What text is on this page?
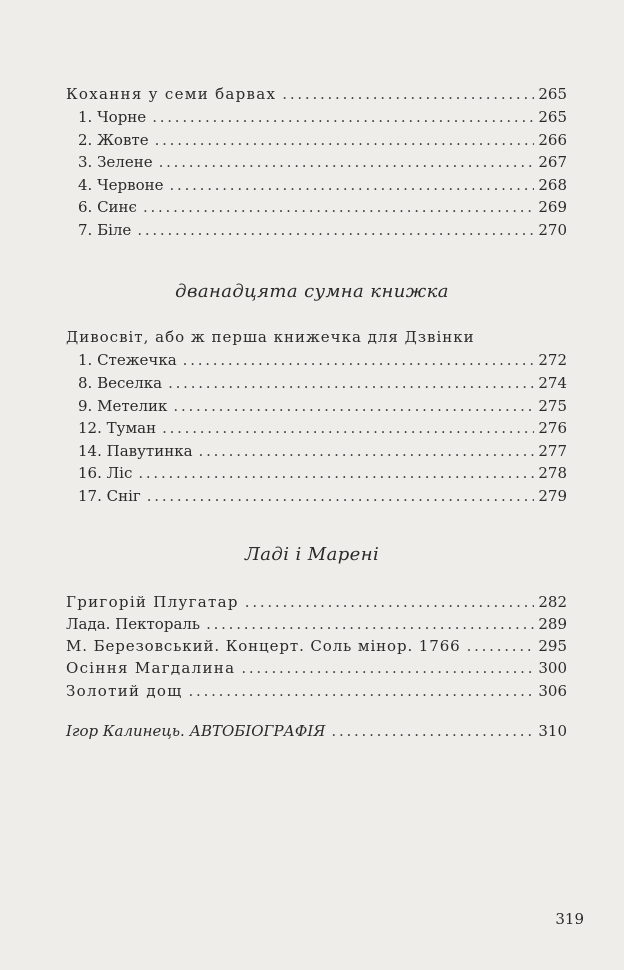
Кохання у семи барвах . . .	265
1. Чорне . . .	265
2. Жовте . . .	266
3. Зелене . . .	267
4. Червоне . . .	268
6. Синє . . .	269
7. Біле . . .	270
дванадцята сумна книжка
Дивосвіт, або ж перша книжечка для Дзвінки
1. Стежечка . . .	272
8. Веселка . . .	274
9. Метелик . . .	275
12. Туман . . .	276
14. Павутинка . . .	277
16. Ліс . . .	278
17. Сніг . . .	279
Ладі і Марені
Григорій Плугатар . . .	282
Лада. Пектораль . . .	289
М. Березовський. Концерт. Соль мінор. 1766 . . .	295
Осіння Магдалина . . .	300
Золотий дощ . . .	306
Ігор Калинець. АВТОБІОГРАФІЯ . . .	310
319
